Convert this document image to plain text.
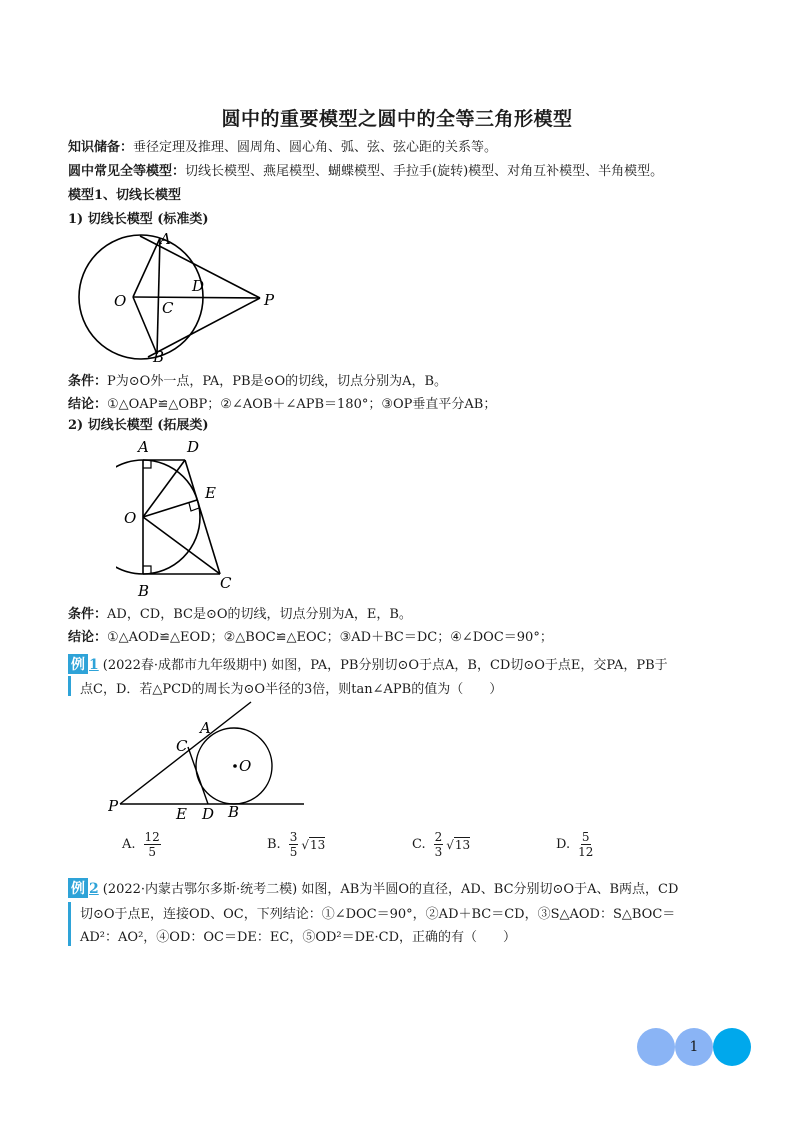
圆中的重要模型之圆中的全等三角形模型
知识储备：垂径定理及推理、圆周角、圆心角、弧、弦、弦心距的关系等。
圆中常见全等模型：切线长模型、燕尾模型、蝴蝶模型、手拉手(旋转)模型、对角互补模型、半角模型。
模型1、切线长模型
1) 切线长模型 (标准类)
A
B
C
D
O	P
条件：P为⊙O外一点，PA，PB是⊙O的切线，切点分别为A，B。
结论：①△OAP≌△OBP；②∠AOB＋∠APB＝180°；③OP垂直平分AB；
2) 切线长模型 (拓展类)
A	D
E
O
B	C
条件：AD，CD，BC是⊙O的切线，切点分别为A，E，B。
结论：①△AOD≌△EOD；②△BOC≌△EOC；③AD＋BC＝DC；④∠DOC＝90°；
例 1 (2022春·成都市九年级期中) 如图，PA，PB分别切⊙O于点A，B，CD切⊙O于点E，交PA，PB于
点C，D．若△PCD的周长为⊙O半径的3倍，则tan∠APB的值为（　　）
A
C
O
P	E D B
A. $\frac{12}{5}$	B. $\frac{3}{5} √13$	C. $\frac{2}{3} √13$	D. $\frac{5}{12}$
例 2 (2022·内蒙古鄂尔多斯·统考二模) 如图，AB为半圆O的直径，AD、BC分别切⊙O于A、B两点，CD
切⊙O于点E，连接OD、OC，下列结论：①∠DOC＝90°，②AD＋BC＝CD，③S△AOD：S△BOC＝
AD²：AO²，④OD：OC＝DE：EC，⑤OD²＝DE·CD，正确的有（　　）
1
